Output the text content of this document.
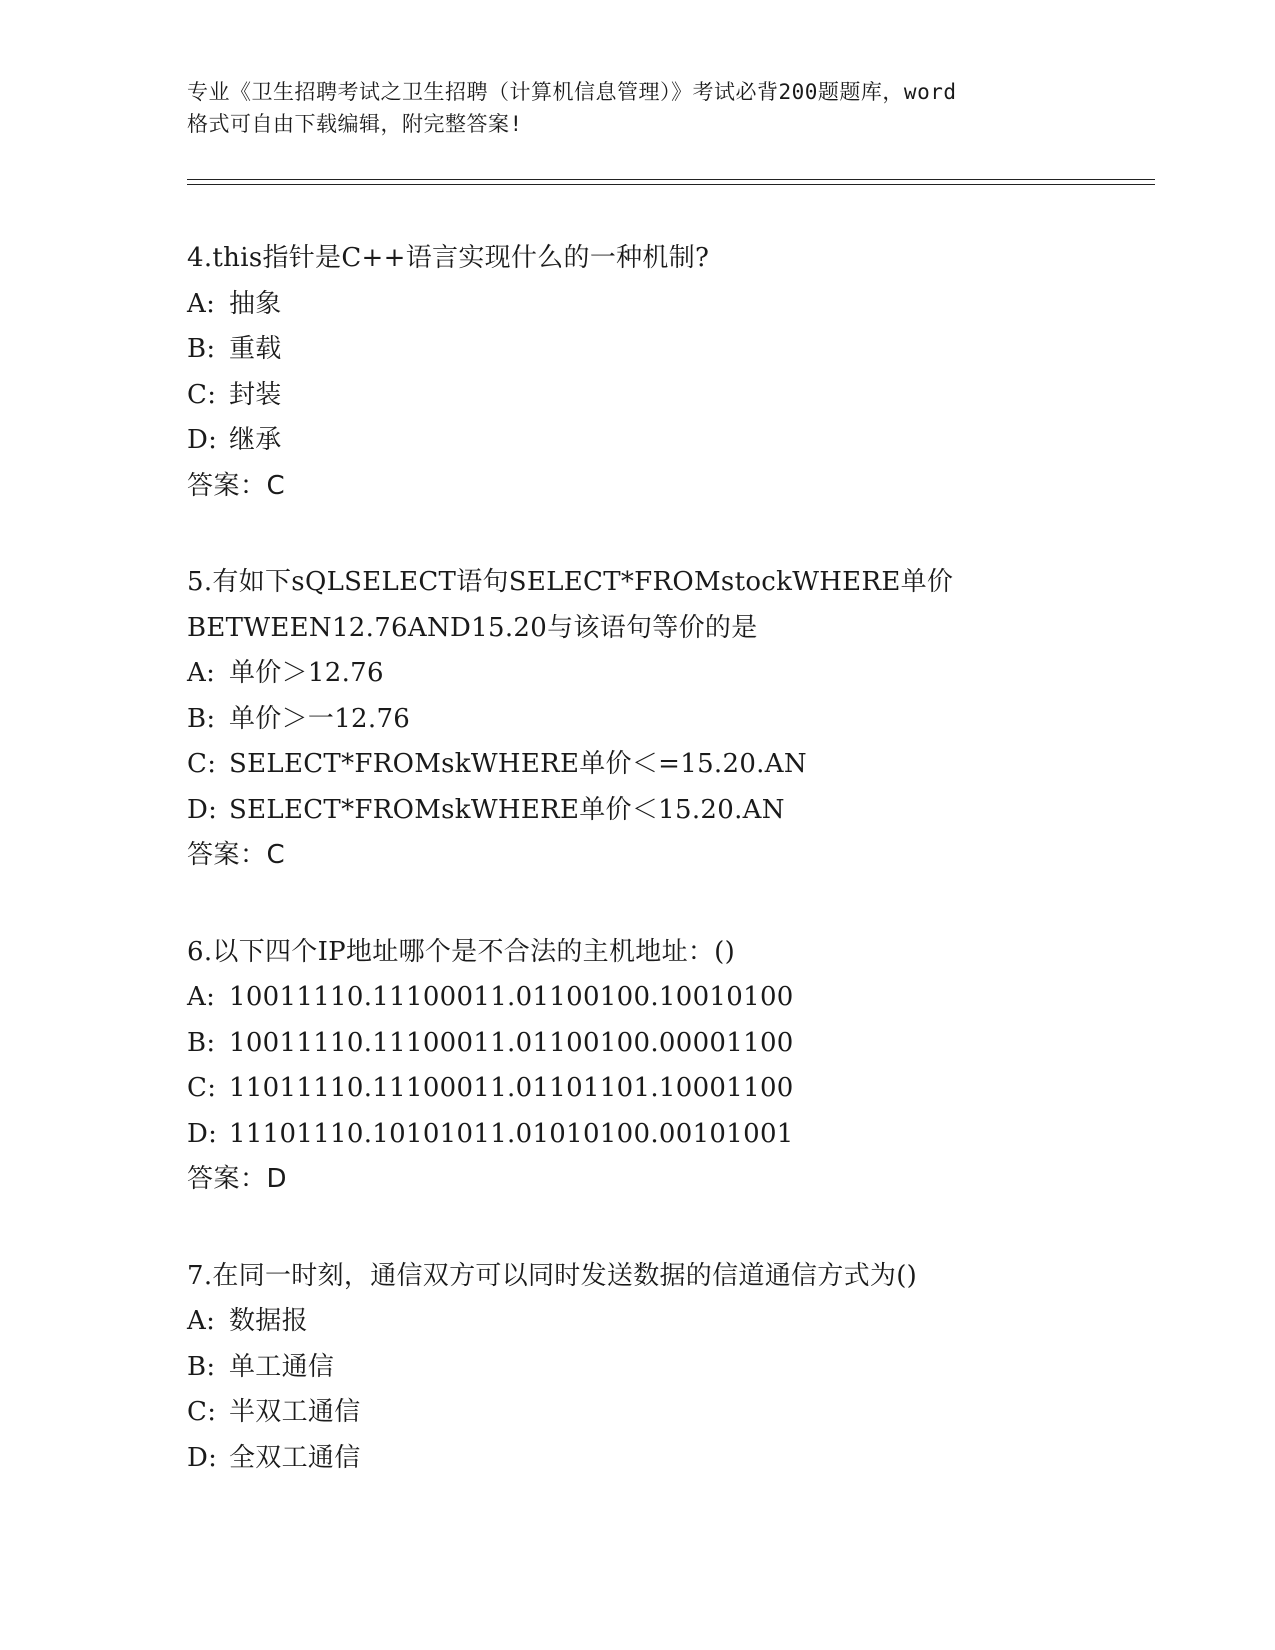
专业《卫生招聘考试之卫生招聘（计算机信息管理）》考试必背200题题库，word
格式可自由下载编辑，附完整答案!
4.this指针是C++语言实现什么的一种机制?
A: 抽象
B: 重载
C: 封装
D: 继承
答案：C
5.有如下sQLSELECT语句SELECT*FROMstockWHERE单价
BETWEEN12.76AND15.20与该语句等价的是
A: 单价＞12.76
B: 单价＞一12.76
C: SELECT*FROMskWHERE单价＜=15.20.AN
D: SELECT*FROMskWHERE单价＜15.20.AN
答案：C
6.以下四个IP地址哪个是不合法的主机地址：()
A: 10011110.11100011.01100100.10010100
B: 10011110.11100011.01100100.00001100
C: 11011110.11100011.01101101.10001100
D: 11101110.10101011.01010100.00101001
答案：D
7.在同一时刻，通信双方可以同时发送数据的信道通信方式为()
A: 数据报
B: 单工通信
C: 半双工通信
D: 全双工通信
